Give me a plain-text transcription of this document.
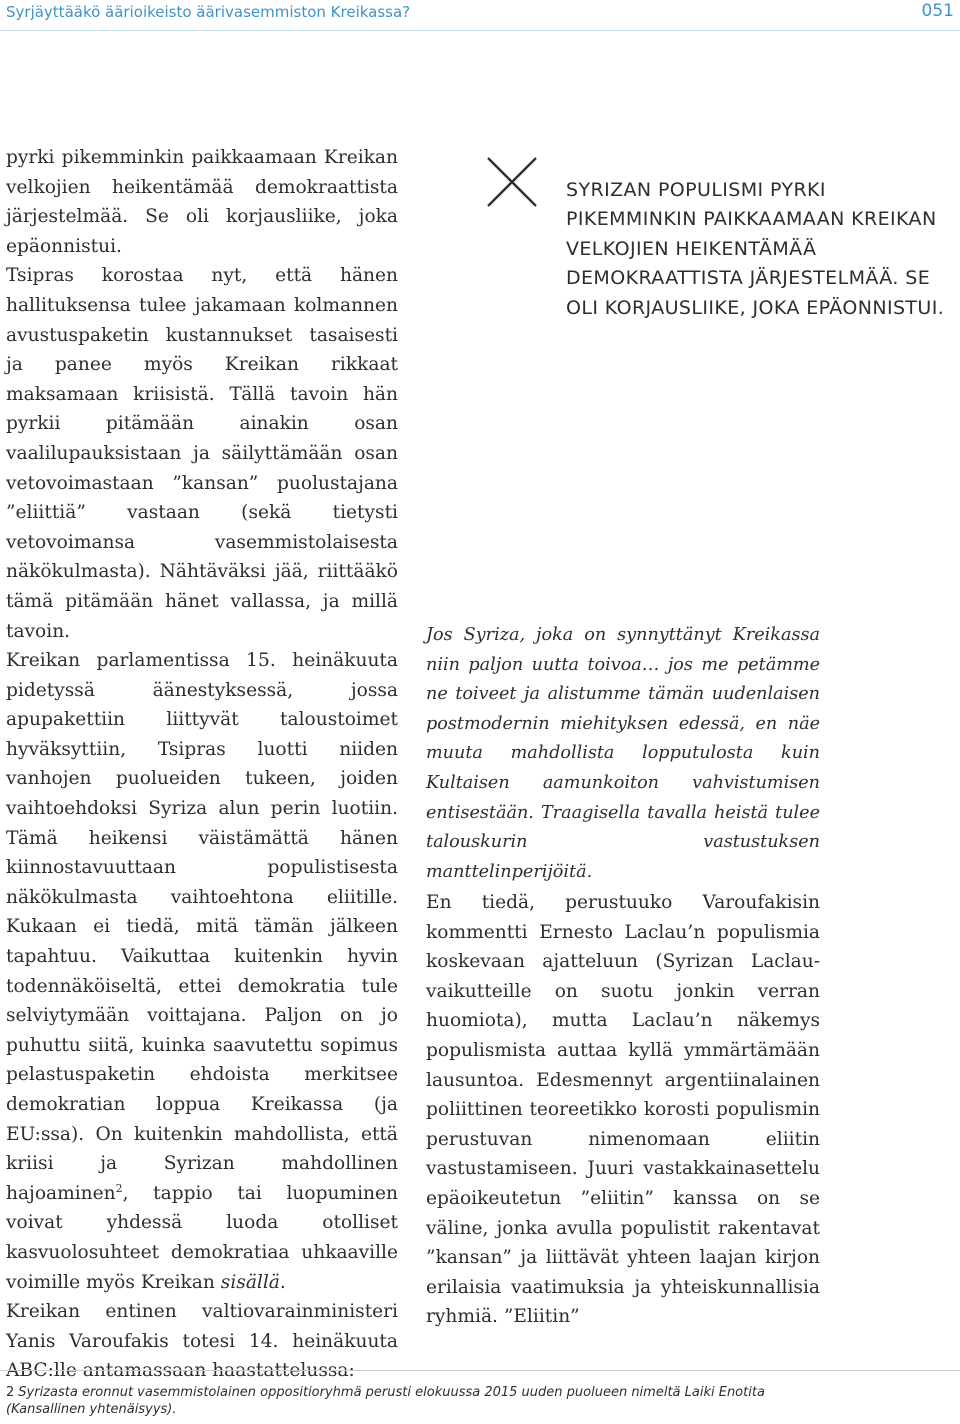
Syrjäyttääkö äärioikeisto äärivasemmiston Kreikassa?	051

pyrki pikemminkin paikkaamaan Kreikan velkojien heikentämää demokraattista järjestelmää. Se oli korjausliike, joka epäonnistui.

Tsipras korostaa nyt, että hänen hallituksensa tulee jakamaan kolmannen avustuspaketin kustannukset tasaisesti ja panee myös Kreikan rikkaat maksamaan kriisistä. Tällä tavoin hän pyrkii pitämään ainakin osan vaalilupauksistaan ja säilyttämään osan vetovoimastaan ”kansan” puolustajana ”eliittiä” vastaan (sekä tietysti vetovoimansa vasemmistolaisesta näkökulmasta). Nähtäväksi jää, riittääkö tämä pitämään hänet vallassa, ja millä tavoin.

Kreikan parlamentissa 15. heinäkuuta pidetyssä äänestyksessä, jossa apupakettiin liittyvät taloustoimet hyväksyttiin, Tsipras luotti niiden vanhojen puolueiden tukeen, joiden vaihtoehdoksi Syriza alun perin luotiin. Tämä heikensi väistämättä hänen kiinnostavuuttaan populistisesta näkökulmasta vaihtoehtona eliitille. Kukaan ei tiedä, mitä tämän jälkeen tapahtuu. Vaikuttaa kuitenkin hyvin todennäköiseltä, ettei demokratia tule selviytymään voittajana. Paljon on jo puhuttu siitä, kuinka saavutettu sopimus pelastuspaketin ehdoista merkitsee demokratian loppua Kreikassa (ja EU:ssa). On kuitenkin mahdollista, että kriisi ja Syrizan mahdollinen hajoaminen$^2$, tappio tai luopuminen voivat yhdessä luoda otolliset kasvuolosuhteet demokratiaa uhkaaville voimille myös Kreikan sisällä.

Kreikan entinen valtiovarainministeri Yanis Varoufakis totesi 14. heinäkuuta ABC:lle antamassaan haastattelussa:

SYRIZAN POPULISMI PYRKI PIKEMMINKIN PAIKKAAMAAN KREIKAN VELKOJIEN HEIKENTÄMÄÄ DEMOKRAATTISTA JÄRJESTELMÄÄ. SE OLI KORJAUSLIIKE, JOKA EPÄONNISTUI.

Jos Syriza, joka on synnyttänyt Kreikassa niin paljon uutta toivoa… jos me petämme ne toiveet ja alistumme tämän uudenlaisen postmodernin miehityksen edessä, en näe muuta mahdollista lopputulosta kuin Kultaisen aamunkoiton vahvistumisen entisestään. Traagisella tavalla heistä tulee talouskurin vastustuksen manttelinperijöitä.

En tiedä, perustuuko Varoufakisin kommentti Ernesto Laclau’n populismia koskevaan ajatteluun (Syrizan Laclau-vaikutteille on suotu jonkin verran huomiota), mutta Laclau’n näkemys populismista auttaa kyllä ymmärtämään lausuntoa. Edesmennyt argentiinalainen poliittinen teoreetikko korosti populismin perustuvan nimenomaan eliitin vastustamiseen. Juuri vastakkainasettelu epäoikeutetun ”eliitin” kanssa on se väline, jonka avulla populistit rakentavat ”kansan” ja liittävät yhteen laajan kirjon erilaisia vaatimuksia ja yhteiskunnallisia ryhmiä. ”Eliitin”

2 Syrizasta eronnut vasemmistolainen oppositioryhmä perusti elokuussa 2015 uuden puolueen nimeltä Laiki Enotita (Kansallinen yhtenäisyys).
